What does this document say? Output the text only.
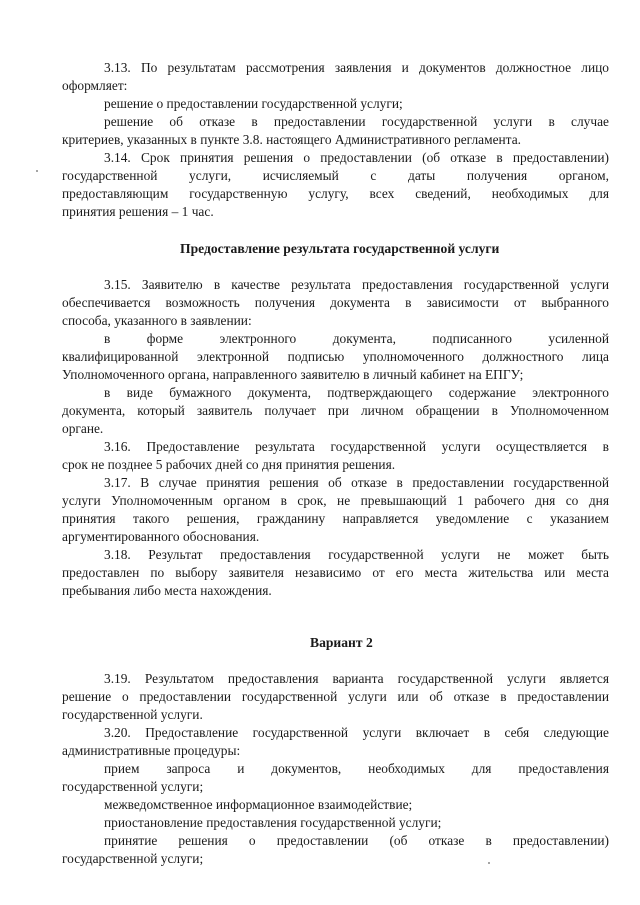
3.13. По результатам рассмотрения заявления и документов должностное лицо

оформляет:

решение о предоставлении государственной услуги;

решение об отказе в предоставлении государственной услуги в случае

критериев, указанных в пункте 3.8. настоящего Административного регламента.

3.14. Срок принятия решения о предоставлении (об отказе в предоставлении)

государственной услуги, исчисляемый с даты получения органом,

предоставляющим государственную услугу, всех сведений, необходимых для

принятия решения – 1 час.

Предоставление результата государственной услуги

3.15. Заявителю в качестве результата предоставления государственной услуги

обеспечивается возможность получения документа в зависимости от выбранного

способа, указанного в заявлении:

в форме электронного документа, подписанного усиленной

квалифицированной электронной подписью уполномоченного должностного лица

Уполномоченного органа, направленного заявителю в личный кабинет на ЕПГУ;

в виде бумажного документа, подтверждающего содержание электронного

документа, который заявитель получает при личном обращении в Уполномоченном

органе.

3.16. Предоставление результата государственной услуги осуществляется в

срок не позднее 5 рабочих дней со дня принятия решения.

3.17. В случае принятия решения об отказе в предоставлении государственной

услуги Уполномоченным органом в срок, не превышающий 1 рабочего дня со дня

принятия такого решения, гражданину направляется уведомление с указанием

аргументированного обоснования.

3.18. Результат предоставления государственной услуги не может быть

предоставлен по выбору заявителя независимо от его места жительства или места

пребывания либо места нахождения.

Вариант 2

3.19. Результатом предоставления варианта государственной услуги является

решение о предоставлении государственной услуги или об отказе в предоставлении

государственной услуги.

3.20. Предоставление государственной услуги включает в себя следующие

административные процедуры:

прием запроса и документов, необходимых для предоставления

государственной услуги;

межведомственное информационное взаимодействие;

приостановление предоставления государственной услуги;

принятие решения о предоставлении (об отказе в предоставлении)

государственной услуги;
